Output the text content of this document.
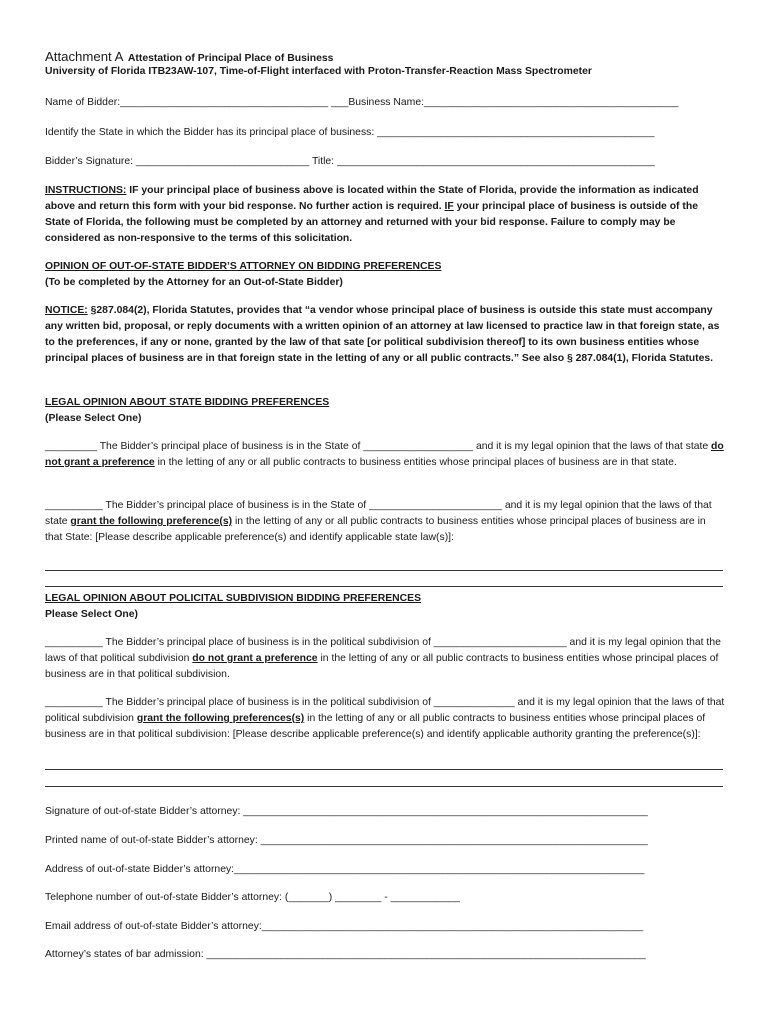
Attachment A Attestation of Principal Place of Business
University of Florida ITB23AW-107, Time-of-Flight interfaced with Proton-Transfer-Reaction Mass Spectrometer
Name of Bidder:____________________________________ ___Business Name:____________________________________________
Identify the State in which the Bidder has its principal place of business: ________________________________________________
Bidder’s Signature: ______________________________ Title: _______________________________________________________
INSTRUCTIONS: IF your principal place of business above is located within the State of Florida, provide the information as indicated above and return this form with your bid response. No further action is required. IF your principal place of business is outside of the State of Florida, the following must be completed by an attorney and returned with your bid response. Failure to comply may be considered as non-responsive to the terms of this solicitation.
OPINION OF OUT-OF-STATE BIDDER’S ATTORNEY ON BIDDING PREFERENCES
(To be completed by the Attorney for an Out-of-State Bidder)
NOTICE: §287.084(2), Florida Statutes, provides that “a vendor whose principal place of business is outside this state must accompany any written bid, proposal, or reply documents with a written opinion of an attorney at law licensed to practice law in that foreign state, as to the preferences, if any or none, granted by the law of that sate [or political subdivision thereof] to its own business entities whose principal places of business are in that foreign state in the letting of any or all public contracts.” See also § 287.084(1), Florida Statutes.
LEGAL OPINION ABOUT STATE BIDDING PREFERENCES
(Please Select One)
_________ The Bidder’s principal place of business is in the State of ___________________ and it is my legal opinion that the laws of that state do not grant a preference in the letting of any or all public contracts to business entities whose principal places of business are in that state.
__________ The Bidder’s principal place of business is in the State of _______________________ and it is my legal opinion that the laws of that state grant the following preference(s) in the letting of any or all public contracts to business entities whose principal places of business are in that State: [Please describe applicable preference(s) and identify applicable state law(s)]:
LEGAL OPINION ABOUT POLICITAL SUBDIVISION BIDDING PREFERENCES
Please Select One)
__________ The Bidder’s principal place of business is in the political subdivision of _______________________ and it is my legal opinion that the laws of that political subdivision do not grant a preference in the letting of any or all public contracts to business entities whose principal places of business are in that political subdivision.
__________ The Bidder’s principal place of business is in the political subdivision of ______________ and it is my legal opinion that the laws of that political subdivision grant the following preferences(s) in the letting of any or all public contracts to business entities whose principal places of business are in that political subdivision: [Please describe applicable preference(s) and identify applicable authority granting the preference(s)]:
Signature of out-of-state Bidder’s attorney: ______________________________________________________________________
Printed name of out-of-state Bidder’s attorney: ___________________________________________________________________
Address of out-of-state Bidder’s attorney:_______________________________________________________________________
Telephone number of out-of-state Bidder’s attorney: (_______) ________ - ____________
Email address of out-of-state Bidder’s attorney:__________________________________________________________________
Attorney’s states of bar admission: ____________________________________________________________________________
